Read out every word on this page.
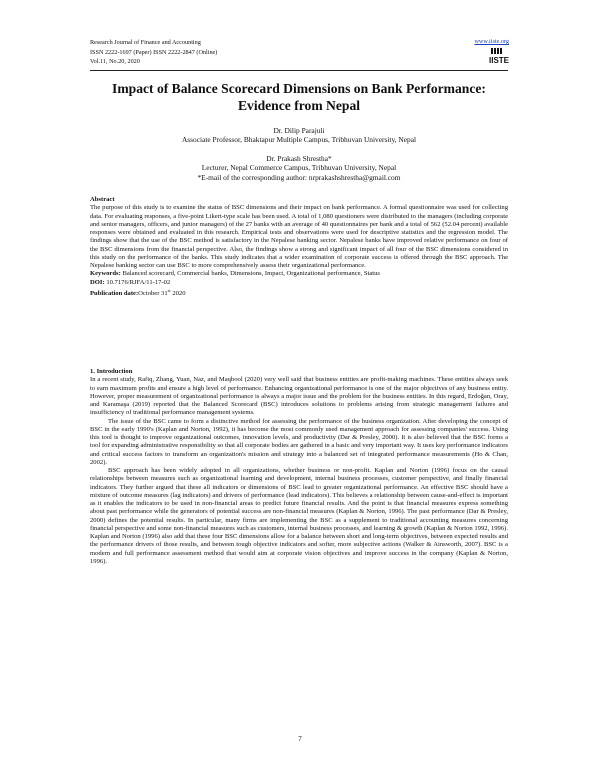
Research Journal of Finance and Accounting
ISSN 2222-1697 (Paper) ISSN 2222-2847 (Online)
Vol.11, No.20, 2020
www.iiste.org
IISTE
Impact of Balance Scorecard Dimensions on Bank Performance: Evidence from Nepal
Dr. Dilip Parajuli
Associate Professor, Bhaktapur Multiple Campus, Tribhuvan University, Nepal
Dr. Prakash Shrestha*
Lecturer, Nepal Commerce Campus, Tribhuvan University, Nepal
*E-mail of the corresponding author: nrprakashshrestha@gmail.com
Abstract

The purpose of this study is to examine the status of BSC dimensions and their impact on bank performance. A formal questionnaire was used for collecting data. For evaluating responses, a five-point Likert-type scale has been used. A total of 1,080 questioners were distributed to the managers (including corporate and senior managers, officers, and junior managers) of the 27 banks with an average of 40 questionnaires per bank and a total of 562 (52.04 percent) available responses were obtained and evaluated in this research. Empirical tests and observations were used for descriptive statistics and the regression model. The findings show that the use of the BSC method is satisfactory in the Nepalese banking sector. Nepalese banks have improved relative performance on four of the BSC dimensions from the financial perspective. Also, the findings show a strong and significant impact of all four of the BSC dimensions considered in this study on the performance of the banks. This study indicates that a wider examination of corporate success is offered through the BSC approach. The Nepalese banking sector can use BSC to more comprehensively assess their organizational performance.

Keywords: Balanced scorecard, Commercial banks, Dimensions, Impact, Organizational performance, Status
DOI: 10.7176/RJFA/11-17-02
Publication date:October 31st 2020
1. Introduction

In a recent study, Rafiq, Zhang, Yuan, Naz, and Maqbool (2020) very well said that business entities are profit-making machines. These entities always seek to earn maximum profits and ensure a high level of performance. Enhancing organizational performance is one of the major objectives of any business entity. However, proper measurement of organizational performance is always a major issue and the problem for the business entities. In this regard, Erdoğan, Oray, and Karamaşa (2019) reported that the Balanced Scorecard (BSC) introduces solutions to problems arising from strategic management failures and insufficiency of traditional performance management systems.

The issue of the BSC came to form a distinctive method for assessing the performance of the business organization. After developing the concept of BSC in the early 1990's (Kaplan and Norton, 1992), it has become the most commonly used management approach for assessing companies' success. Using this tool is thought to improve organizational outcomes, innovation levels, and productivity (Dar & Presley, 2000). It is also believed that the BSC forms a tool for expanding administrative responsibility so that all corporate bodies are gathered in a basic and very important way. It uses key performance indicators and critical success factors to transform an organization's mission and strategy into a balanced set of integrated performance measurements (Ho & Chan, 2002).

BSC approach has been widely adopted in all organizations, whether business or non-profit. Kaplan and Norton (1996) focus on the causal relationships between measures such as organizational learning and development, internal business processes, customer perspective, and finally financial indicators. They further argued that these all indicators or dimensions of BSC lead to greater organizational performance. An effective BSC should have a mixture of outcome measures (lag indicators) and drivers of performance (lead indicators). This believes a relationship between cause-and-effect is important as it enables the indicators to be used in non-financial areas to predict future financial results. And the point is that financial measures express something about past performance while the generators of potential success are non-financial measures (Kaplan & Norton, 1996). The past performance (Dar & Presley, 2000) defines the potential results. In particular, many firms are implementing the BSC as a supplement to traditional accounting measures concerning financial perspective and some non-financial measures such as customers, internal business processes, and learning & growth (Kaplan & Norton 1992, 1996). Kaplan and Norton (1996) also add that these four BSC dimensions allow for a balance between short and long-term objectives, between expected results and the performance drivers of those results, and between tough objective indicators and softer, more subjective actions (Walker & Ainsworth, 2007). BSC is a modern and full performance assessment method that would aim at corporate vision objectives and improve success in the company (Kaplan & Norton, 1996).

7
